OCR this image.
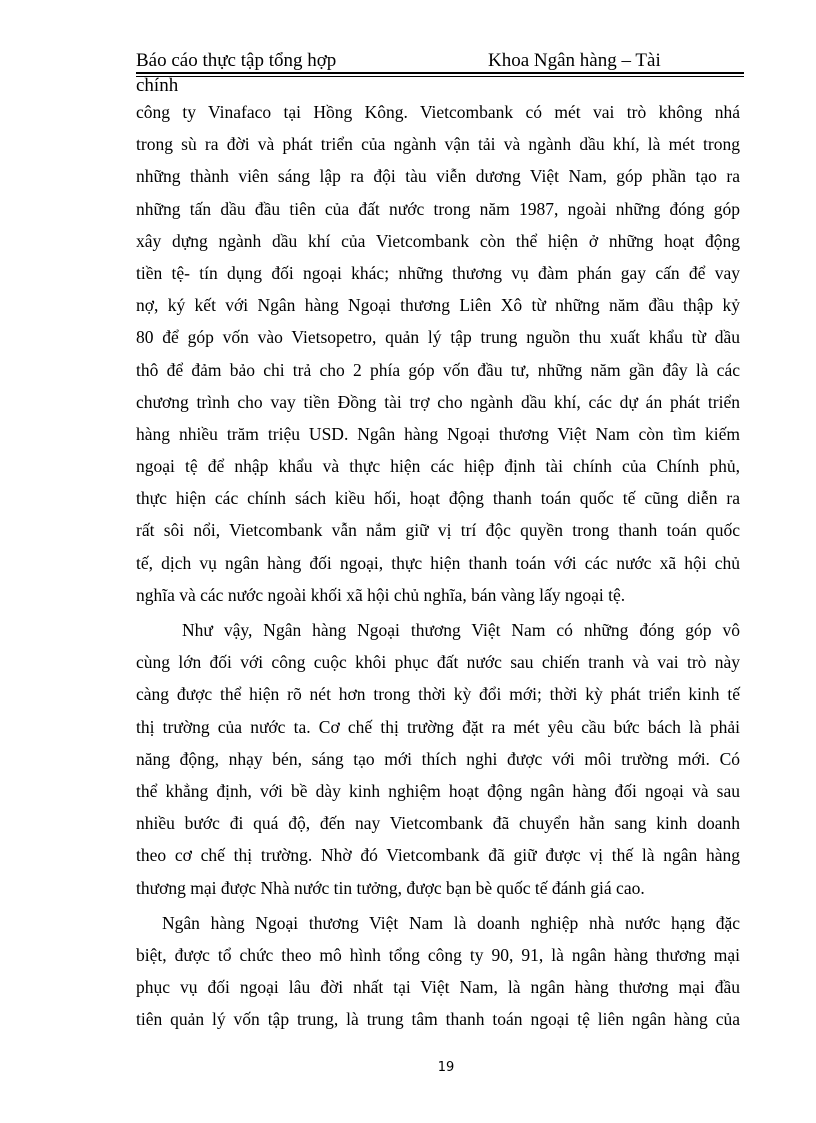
Báo cáo thực tập tổng hợp	Khoa Ngân hàng – Tài
chính
công ty Vinafaco tại Hồng Kông. Vietcombank có mét vai trò không nhá
trong sù ra đời và phát triển của ngành vận tải và ngành dầu khí, là mét trong
những thành viên sáng lập ra đội tàu viễn dương Việt Nam, góp phần tạo ra
những tấn dầu đầu tiên của đất nước trong năm 1987, ngoài những đóng góp
xây dựng ngành dầu khí của Vietcombank còn thể hiện ở những hoạt động
tiền tệ- tín dụng đối ngoại khác; những thương vụ đàm phán gay cấn để vay
nợ, ký kết với Ngân hàng Ngoại thương Liên Xô từ những năm đầu thập kỷ
80 để góp vốn vào Vietsopetro, quản lý tập trung nguồn thu xuất khẩu từ dầu
thô để đảm bảo chi trả cho 2 phía góp vốn đầu tư, những năm gần đây là các
chương trình cho vay tiền Đồng tài trợ cho ngành dầu khí, các dự án phát triển
hàng nhiều trăm triệu USD. Ngân hàng Ngoại thương Việt Nam còn tìm kiếm
ngoại tệ để nhập khẩu và thực hiện các hiệp định tài chính của Chính phủ,
thực hiện các chính sách kiều hối, hoạt động thanh toán quốc tế cũng diễn ra
rất sôi nổi, Vietcombank vẫn nắm giữ vị trí độc quyền trong thanh toán quốc
tế, dịch vụ ngân hàng đối ngoại, thực hiện thanh toán với các nước xã hội chủ
nghĩa và các nước ngoài khối xã hội chủ nghĩa, bán vàng lấy ngoại tệ.
Như vậy, Ngân hàng Ngoại thương Việt Nam có những đóng góp vô
cùng lớn đối với công cuộc khôi phục đất nước sau chiến tranh và vai trò này
càng được thể hiện rõ nét hơn trong thời kỳ đổi mới; thời kỳ phát triển kinh tế
thị trường của nước ta. Cơ chế thị trường đặt ra mét yêu cầu bức bách là phải
năng động, nhạy bén, sáng tạo mới thích nghi được với môi trường mới. Có
thể khẳng định, với bề dày kinh nghiệm hoạt động ngân hàng đối ngoại và sau
nhiều bước đi quá độ, đến nay Vietcombank đã chuyển hẳn sang kinh doanh
theo cơ chế thị trường. Nhờ đó Vietcombank đã giữ được vị thế là ngân hàng
thương mại được Nhà nước tin tưởng, được bạn bè quốc tế đánh giá cao.
Ngân hàng Ngoại thương Việt Nam là doanh nghiệp nhà nước hạng đặc
biệt, được tổ chức theo mô hình tổng công ty 90, 91, là ngân hàng thương mại
phục vụ đối ngoại lâu đời nhất tại Việt Nam, là ngân hàng thương mại đầu
tiên quản lý vốn tập trung, là trung tâm thanh toán ngoại tệ liên ngân hàng của
19
